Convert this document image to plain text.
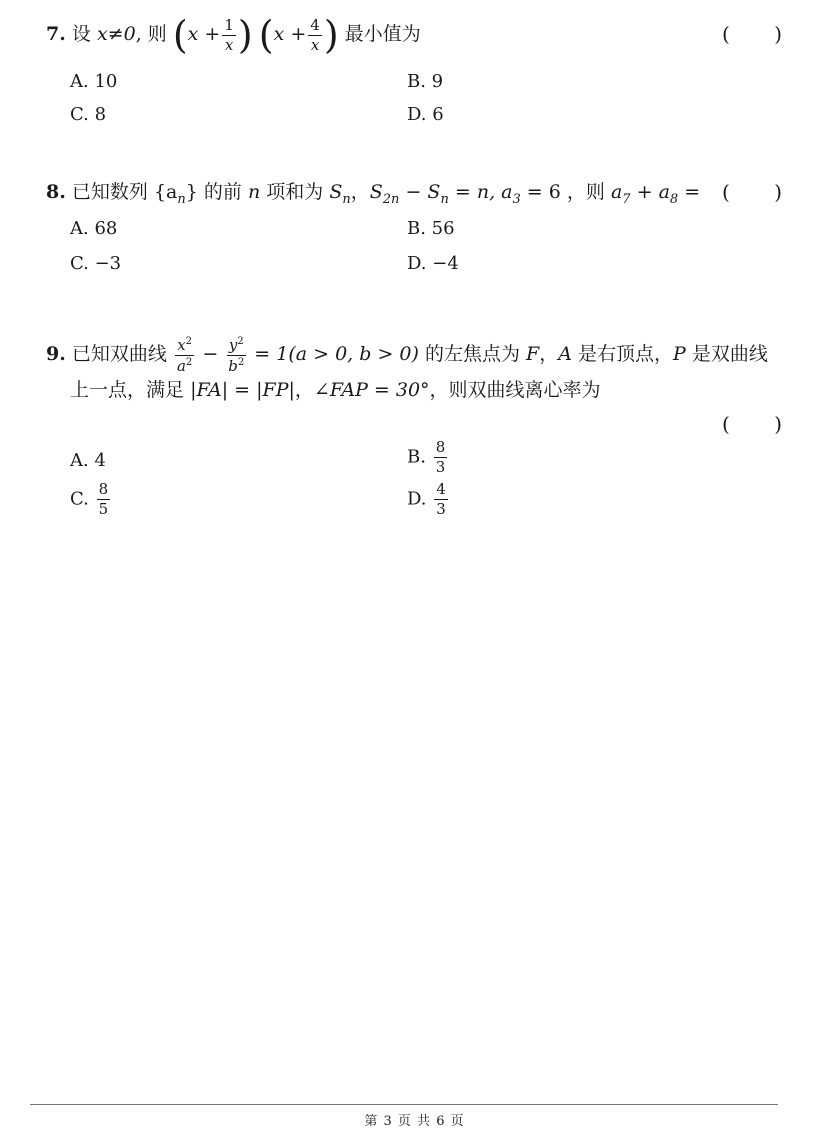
7. 设 x≠0, 则 ($x + \frac{1}{x}$ ) ($x + \frac{4}{x}$ ) 最小值为	( )
A. 10	B. 9
C. 8	D. 6
8. 已知数列 $\{a_n\}$ 的前 n 项和为 $S_n$，$S_{2n} - S_n = n$, $a_3 = 6$ ，则 $a_7 + a_8$ = ( )
A. 68	B. 56
C. −3	D. −4
9. 已知双曲线 $\frac{x^2}{a^2} - \frac{y^2}{b^2} = 1(a > 0$, b > 0) 的左焦点为 F，A 是右顶点，P 是双曲线
上一点，满足 |FA| = |FP|，∠FAP = 30°，则双曲线离心率为
( )
A. 4	B. $\frac{8}{3}$
C. $\frac{8}{5}$	D. $\frac{4}{3}$
第 3 页 共 6 页
